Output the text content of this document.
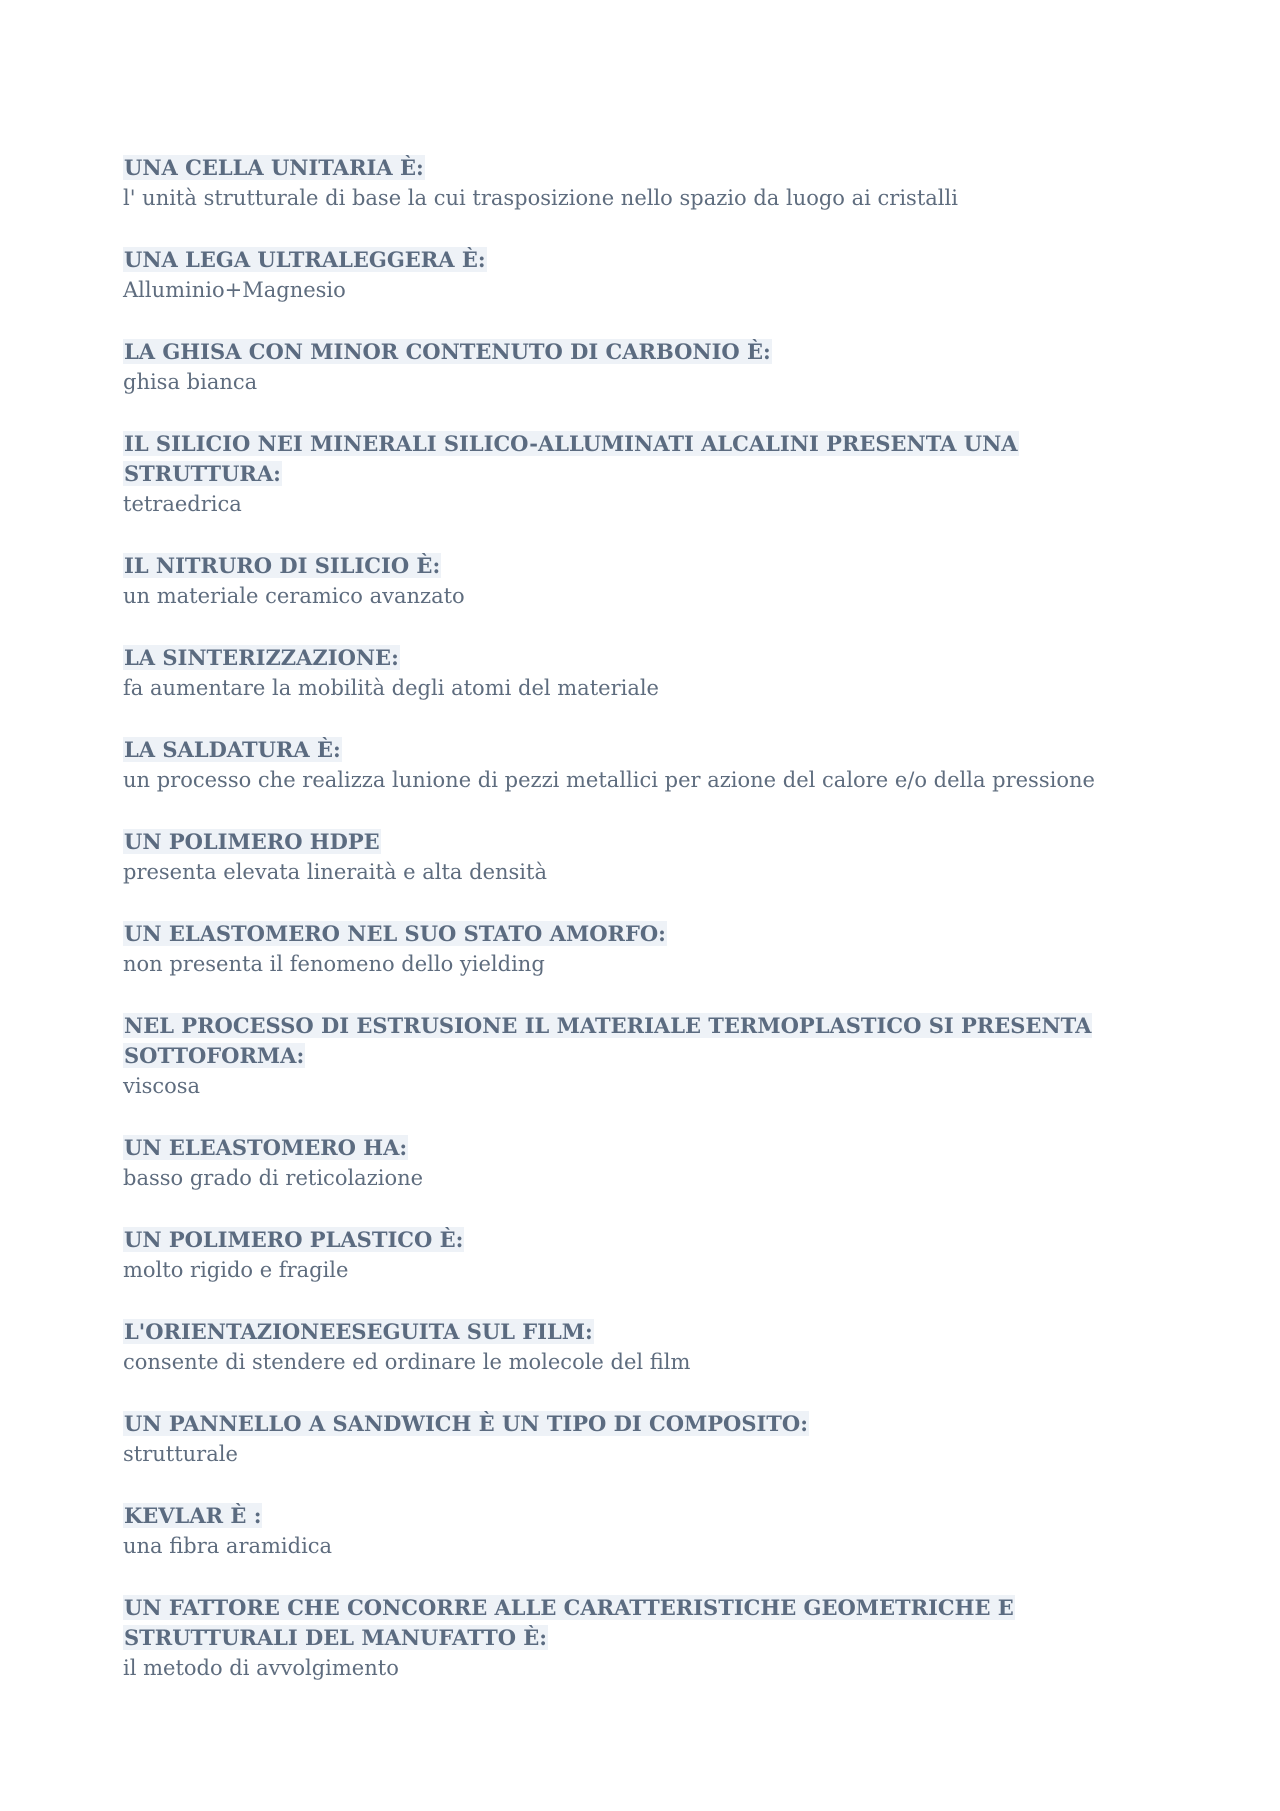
UNA CELLA UNITARIA È:
l' unità strutturale di base la cui trasposizione nello spazio da luogo ai cristalli
UNA LEGA ULTRALEGGERA È:
Alluminio+Magnesio
LA GHISA CON MINOR CONTENUTO DI CARBONIO È:
ghisa bianca
IL SILICIO NEI MINERALI SILICO-ALLUMINATI ALCALINI PRESENTA UNA STRUTTURA:
tetraedrica
IL NITRURO DI SILICIO È:
un materiale ceramico avanzato
LA SINTERIZZAZIONE:
fa aumentare la mobilità degli atomi del materiale
LA SALDATURA È:
un processo che realizza lunione di pezzi metallici per azione del calore e/o della pressione
UN POLIMERO HDPE
presenta elevata lineraità e alta densità
UN ELASTOMERO NEL SUO STATO AMORFO:
non presenta il fenomeno dello yielding
NEL PROCESSO DI ESTRUSIONE IL MATERIALE TERMOPLASTICO SI PRESENTA SOTTOFORMA:
viscosa
UN ELEASTOMERO HA:
basso grado di reticolazione
UN POLIMERO PLASTICO È:
molto rigido e fragile
L'ORIENTAZIONEESEGUITA SUL FILM:
consente di stendere ed ordinare le molecole del film
UN PANNELLO A SANDWICH È UN TIPO DI COMPOSITO:
strutturale
KEVLAR È :
una fibra aramidica
UN FATTORE CHE CONCORRE ALLE CARATTERISTICHE GEOMETRICHE E STRUTTURALI DEL MANUFATTO È:
il metodo di avvolgimento
